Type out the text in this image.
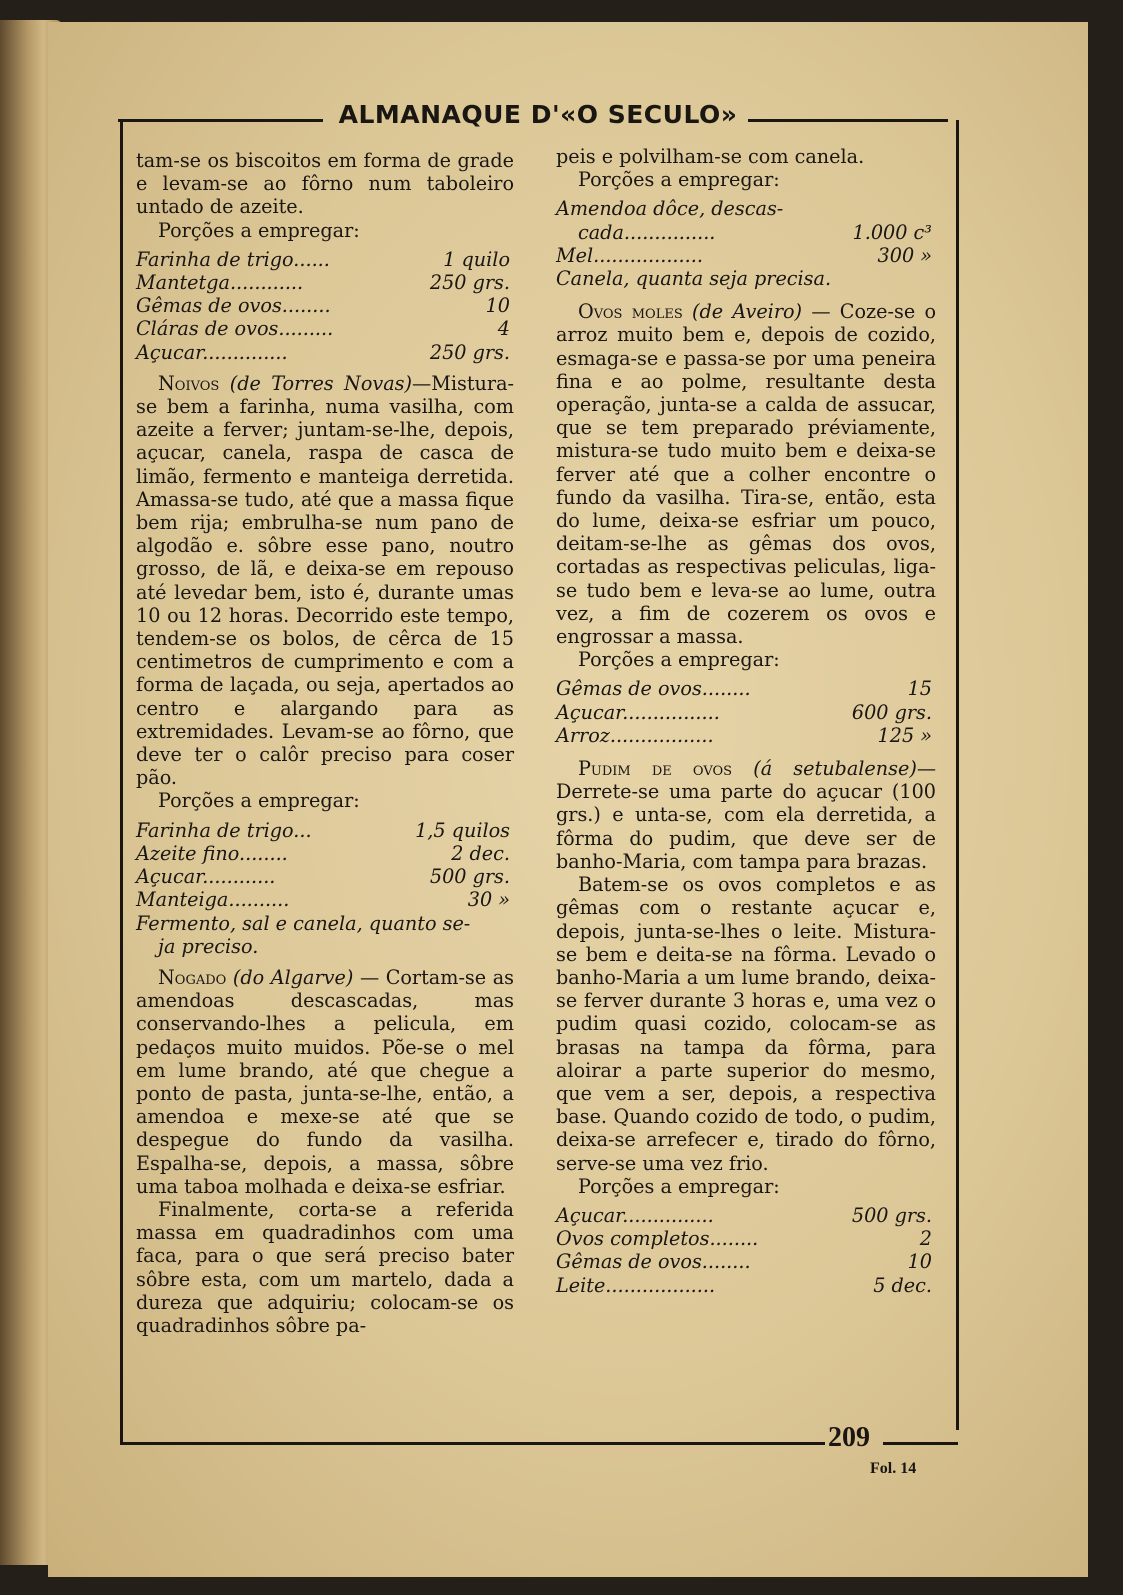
ALMANAQUE D'«O SECULO»

tam-se os biscoitos em forma de grade e levam-se ao fôrno num taboleiro untado de azeite.

Porções a empregar:

Farinha de trigo......	1 quilo
Mantetga............	250 grs.
Gêmas de ovos........	10
Cláras de ovos.........	4
Açucar..............	250 grs.

Noivos (de Torres Novas)—Mistura-se bem a farinha, numa vasilha, com azeite a ferver; juntam-se-lhe, depois, açucar, canela, raspa de casca de limão, fermento e manteiga derretida. Amassa-se tudo, até que a massa fique bem rija; embrulha-se num pano de algodão e. sôbre esse pano, noutro grosso, de lã, e deixa-se em repouso até levedar bem, isto é, durante umas 10 ou 12 horas. Decorrido este tempo, tendem-se os bolos, de cêrca de 15 centimetros de cumprimento e com a forma de laçada, ou seja, apertados ao centro e alargando para as extremidades. Levam-se ao fôrno, que deve ter o calôr preciso para coser pão.

Porções a empregar:

Farinha de trigo...	1,5 quilos
Azeite fino........	2 dec.
Açucar............	500 grs.
Manteiga..........	30 »
Fermento, sal e canela, quanto se-
ja preciso.

Nogado (do Algarve) — Cortam-se as amendoas descascadas, mas conservando-lhes a pelicula, em pedaços muito muidos. Põe-se o mel em lume brando, até que chegue a ponto de pasta, junta-se-lhe, então, a amendoa e mexe-se até que se despegue do fundo da vasilha. Espalha-se, depois, a massa, sôbre uma taboa molhada e deixa-se esfriar.

Finalmente, corta-se a referida massa em quadradinhos com uma faca, para o que será preciso bater sôbre esta, com um martelo, dada a dureza que adquiriu; colocam-se os quadradinhos sôbre pa-

peis e polvilham-se com canela.

Porções a empregar:

Amendoa dôce, descas-
cada...............	1.000 c³
Mel..................	300 »
Canela, quanta seja precisa.

Ovos moles (de Aveiro) — Coze-se o arroz muito bem e, depois de cozido, esmaga-se e passa-se por uma peneira fina e ao polme, resultante desta operação, junta-se a calda de assucar, que se tem preparado préviamente, mistura-se tudo muito bem e deixa-se ferver até que a colher encontre o fundo da vasilha. Tira-se, então, esta do lume, deixa-se esfriar um pouco, deitam-se-lhe as gêmas dos ovos, cortadas as respectivas peliculas, liga-se tudo bem e leva-se ao lume, outra vez, a fim de cozerem os ovos e engrossar a massa.

Porções a empregar:

Gêmas de ovos........	15
Açucar................	600 grs.
Arroz.................	125 »

Pudim de ovos (á setubalense)— Derrete-se uma parte do açucar (100 grs.) e unta-se, com ela derretida, a fôrma do pudim, que deve ser de banho-Maria, com tampa para brazas.

Batem-se os ovos completos e as gêmas com o restante açucar e, depois, junta-se-lhes o leite. Mistura-se bem e deita-se na fôrma. Levado o banho-Maria a um lume brando, deixa-se ferver durante 3 horas e, uma vez o pudim quasi cozido, colocam-se as brasas na tampa da fôrma, para aloirar a parte superior do mesmo, que vem a ser, depois, a respectiva base. Quando cozido de todo, o pudim, deixa-se arrefecer e, tirado do fôrno, serve-se uma vez frio.

Porções a empregar:

Açucar...............	500 grs.
Ovos completos........	2
Gêmas de ovos........	10
Leite..................	5 dec.
209
Fol. 14
